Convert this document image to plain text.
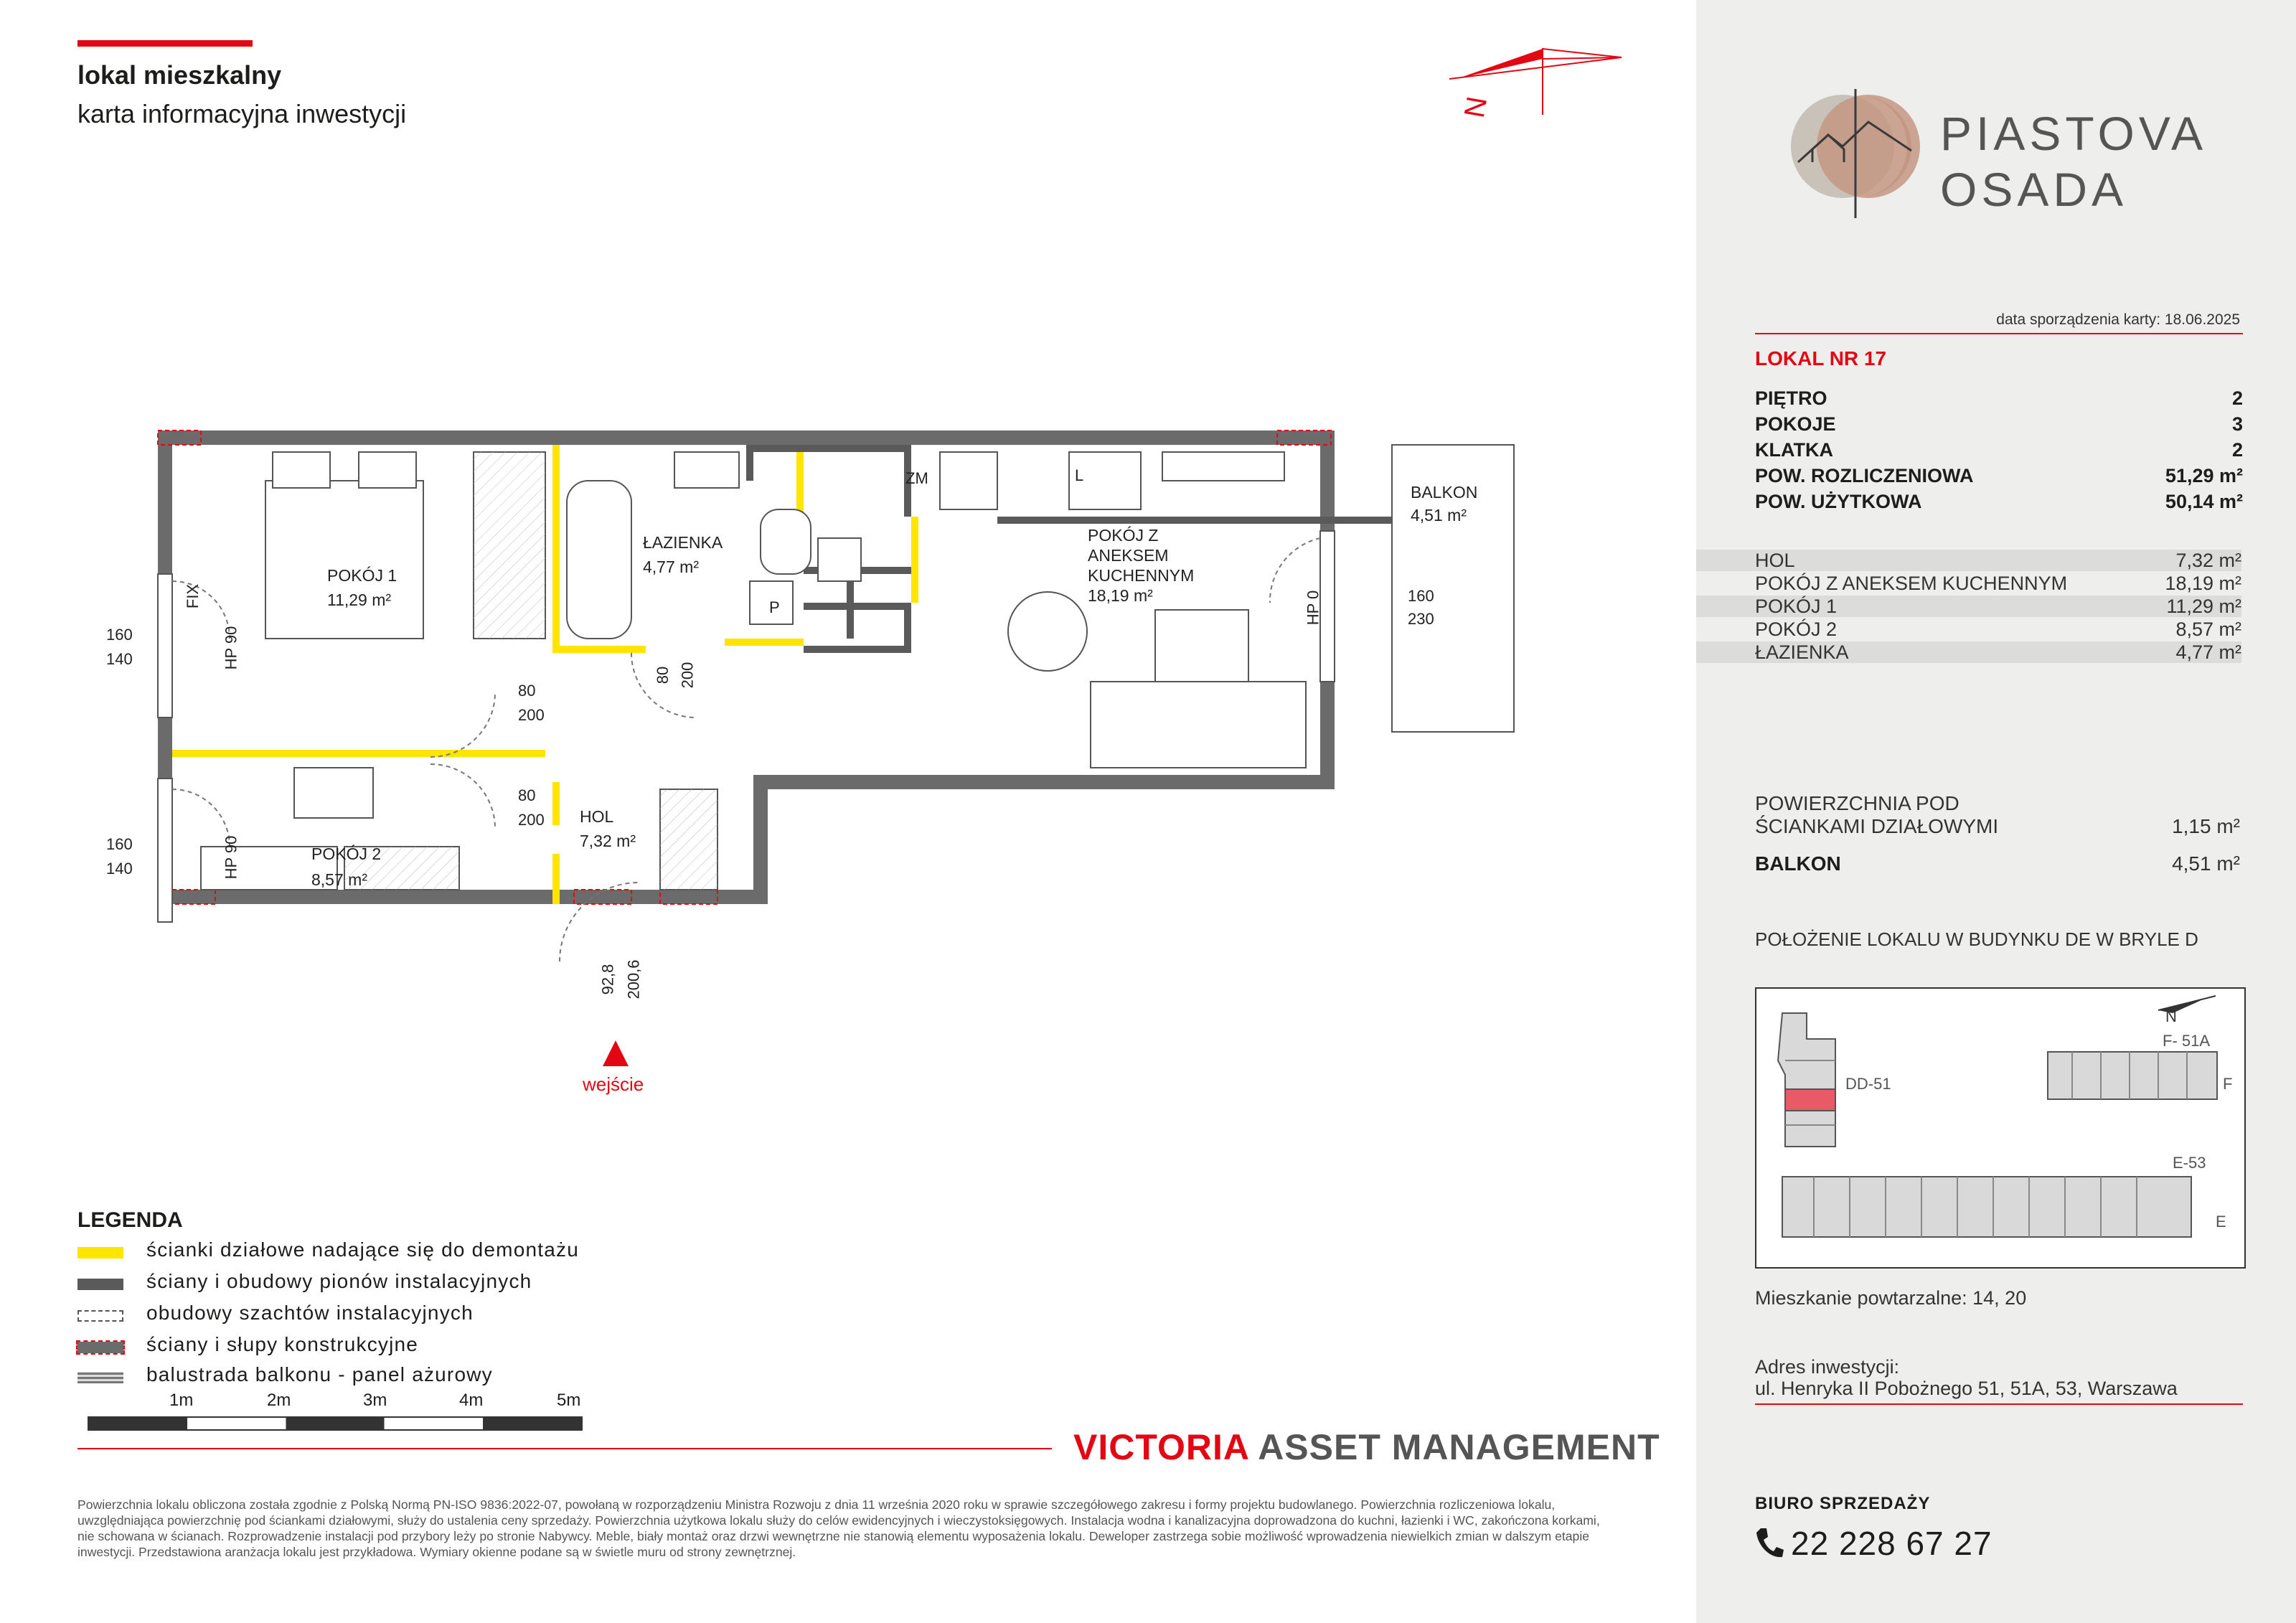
lokal mieszkalny
karta informacyjna inwestycji	N	PIASTOVA
OSADA
data sporządzenia karty: 18.06.2025
LOKAL NR 17
PIĘTRO	2
POKOJE	3
KLATKA	2
POW. ROZLICZENIOWA	51,29 m²
POW. UŻYTKOWA	50,14 m²
HOL	7,32 m²
POKÓJ Z ANEKSEM KUCHENNYM	18,19 m²
POKÓJ 1	11,29 m²
POKÓJ 2	8,57 m²
ŁAZIENKA	4,77 m²
POWIERZCHNIA POD
ŚCIANKAMI DZIAŁOWYMI	1,15 m²
BALKON	4,51 m²
POŁOŻENIE LOKALU W BUDYNKU DE W BRYLE D
N
DD-51
F- 51A
F
E-53
E
Mieszkanie powtarzalne: 14, 20
Adres inwestycji:
ul. Henryka II Pobożnego 51, 51A, 53, Warszawa
BIURO SPRZEDAŻY
22 228 67 27
POKÓJ 1
11,29 m²
ŁAZIENKA
4,77 m²
POKÓJ Z
ANEKSEM
KUCHENNYM
18,19 m²
BALKON
4,51 m²
POKÓJ 2
8,57 m²
HOL
7,32 m²
160
140
160
140
80
200
80
200
80 200
92,8 200,6
160
230
HP 90
HP 90
HP 0
ZM	L
P
FIX
wejście
LEGENDA
ścianki działowe nadające się do demontażu
ściany i obudowy pionów instalacyjnych
obudowy szachtów instalacyjnych
ściany i słupy konstrukcyjne
balustrada balkonu - panel ażurowy
1m	2m	3m	4m	5m
VICTORIA ASSET MANAGEMENT
Powierzchnia lokalu obliczona została zgodnie z Polską Normą PN-ISO 9836:2022-07, powołaną w rozporządzeniu Ministra Rozwoju z dnia 11 września 2020 roku w sprawie szczegółowego zakresu i formy projektu budowlanego. Powierzchnia rozliczeniowa lokalu, uwzględniająca powierzchnię pod ściankami działowymi, służy do ustalenia ceny sprzedaży. Powierzchnia użytkowa lokalu służy do celów ewidencyjnych i wieczystoksięgowych. Instalacja wodna i kanalizacyjna doprowadzona do kuchni, łazienki i WC, zakończona korkami, nie schowana w ścianach. Rozprowadzenie instalacji pod przybory leży po stronie Nabywcy. Meble, biały montaż oraz drzwi wewnętrzne nie stanowią elementu wyposażenia lokalu. Deweloper zastrzega sobie możliwość wprowadzenia niewielkich zmian w dalszym etapie inwestycji. Przedstawiona aranżacja lokalu jest przykładowa. Wymiary okienne podane są w świetle muru od strony zewnętrznej.
